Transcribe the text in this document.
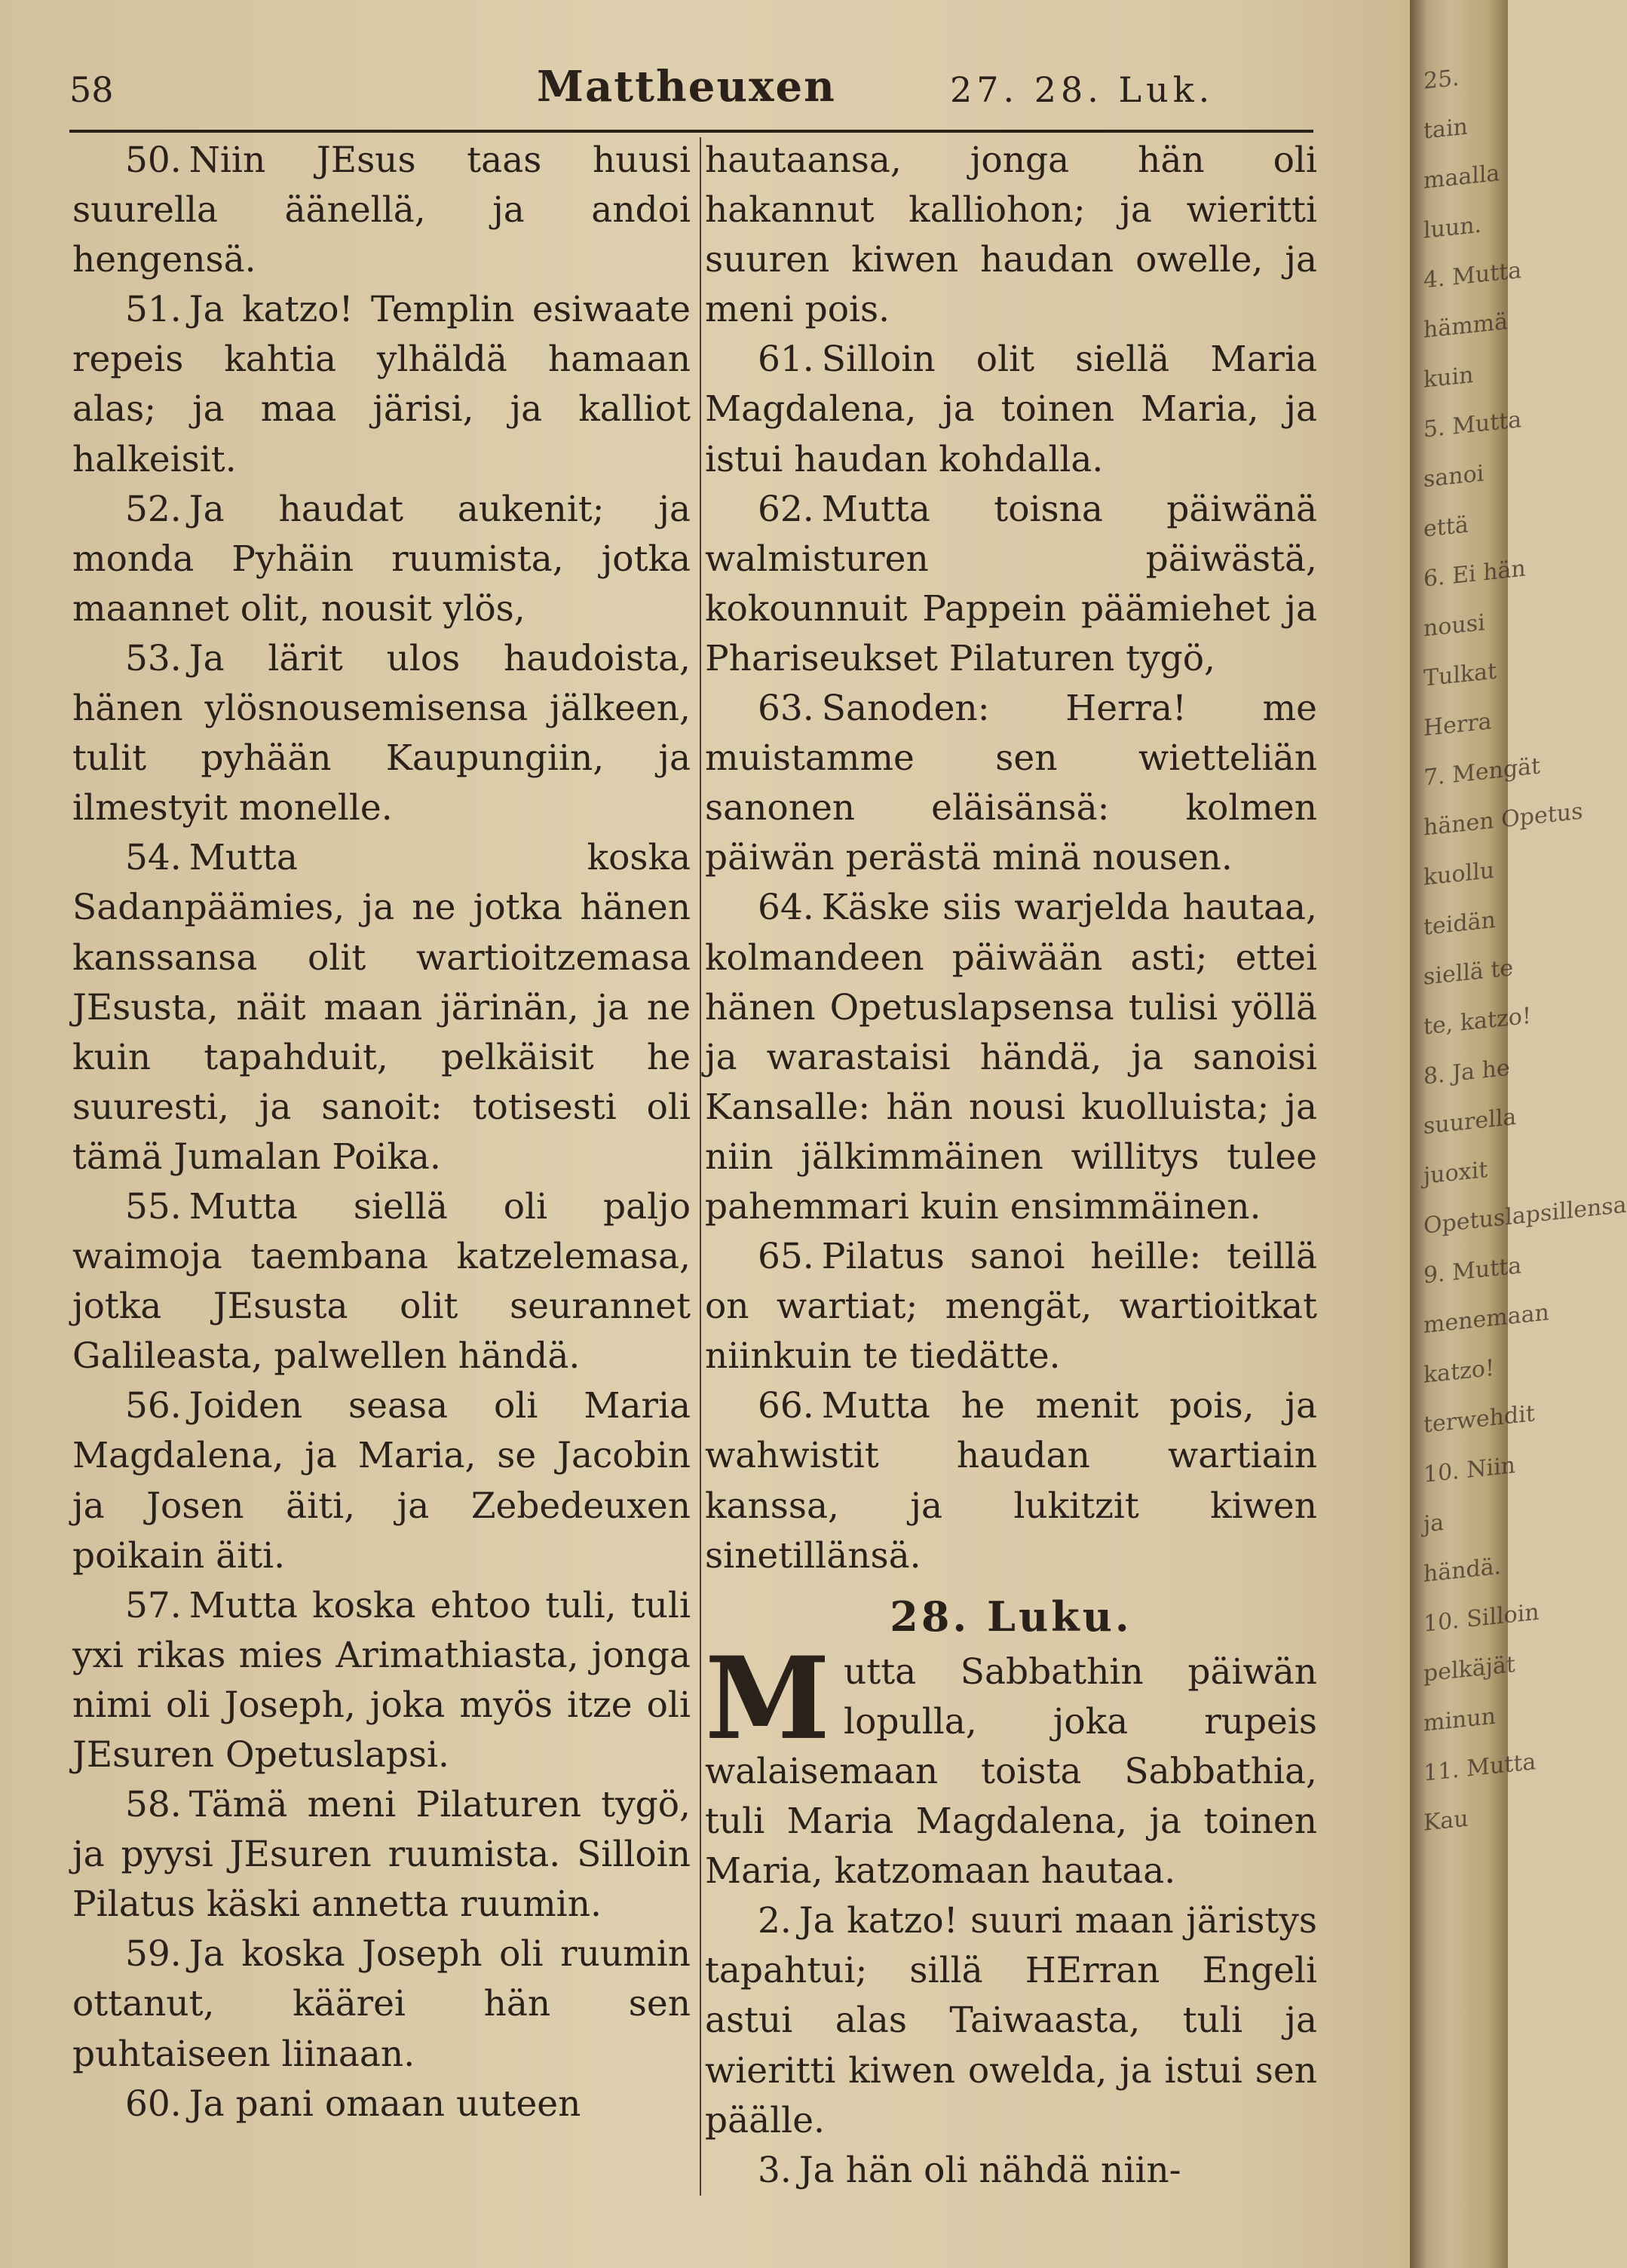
58	Mattheuxen	27. 28. Luk.

50. Niin JEsus taas huusi suurella äänellä, ja andoi hengensä.

51. Ja katzo! Templin esiwaate repeis kahtia ylhäldä hamaan alas; ja maa järisi, ja kalliot halkeisit.

52. Ja haudat aukenit; ja monda Pyhäin ruumista, jotka maannet olit, nousit ylös,

53. Ja lärit ulos haudoista, hänen ylösnousemisensa jälkeen, tulit pyhään Kaupungiin, ja ilmestyit monelle.

54. Mutta koska Sadanpäämies, ja ne jotka hänen kanssansa olit wartioitzemasa JEsusta, näit maan järinän, ja ne kuin tapahduit, pelkäisit he suuresti, ja sanoit: totisesti oli tämä Jumalan Poika.

55. Mutta siellä oli paljo waimoja taembana katzelemasa, jotka JEsusta olit seurannet Galileasta, palwellen händä.

56. Joiden seasa oli Maria Magdalena, ja Maria, se Jacobin ja Josen äiti, ja Zebedeuxen poikain äiti.

57. Mutta koska ehtoo tuli, tuli yxi rikas mies Arimathiasta, jonga nimi oli Joseph, joka myös itze oli JEsuren Opetuslapsi.

58. Tämä meni Pilaturen tygö, ja pyysi JEsuren ruumista. Silloin Pilatus käski annetta ruumin.

59. Ja koska Joseph oli ruumin ottanut, käärei hän sen puhtaiseen liinaan.

60. Ja pani omaan uuteen

hautaansa, jonga hän oli hakannut kalliohon; ja wieritti suuren kiwen haudan owelle, ja meni pois.

61. Silloin olit siellä Maria Magdalena, ja toinen Maria, ja istui haudan kohdalla.

62. Mutta toisna päiwänä walmisturen päiwästä, kokounnuit Pappein päämiehet ja Phariseukset Pilaturen tygö,

63. Sanoden: Herra! me muistamme sen wietteliän sanonen eläisänsä: kolmen päiwän perästä minä nousen.

64. Käske siis warjelda hautaa, kolmandeen päiwään asti; ettei hänen Opetuslapsensa tulisi yöllä ja warastaisi händä, ja sanoisi Kansalle: hän nousi kuolluista; ja niin jälkimmäinen willitys tulee pahemmari kuin ensimmäinen.

65. Pilatus sanoi heille: teillä on wartiat; mengät, wartioitkat niinkuin te tiedätte.

66. Mutta he menit pois, ja wahwistit haudan wartiain kanssa, ja lukitzit kiwen sinetillänsä.

28. Luku.

Mutta Sabbathin päiwän lopulla, joka rupeis walaisemaan toista Sabbathia, tuli Maria Magdalena, ja toinen Maria, katzomaan hautaa.

2. Ja katzo! suuri maan järistys tapahtui; sillä HErran Engeli astui alas Taiwaasta, tuli ja wieritti kiwen owelda, ja istui sen päälle.

3. Ja hän oli nähdä niin-

25.
tain
maalla
luun.
4. Mutta
hämmä
kuin
5. Mutta
sanoi
että
6. Ei hän
nousi
Tulkat
Herra
7. Mengät
hänen Opetus
kuollu
teidän
siellä te
te, katzo!
8. Ja he
suurella
juoxit
Opetuslapsillensa
9. Mutta
menemaan
katzo!
terwehdit
10. Niin
ja
händä.
10. Silloin
pelkäjät
minun
11. Mutta
Kau
